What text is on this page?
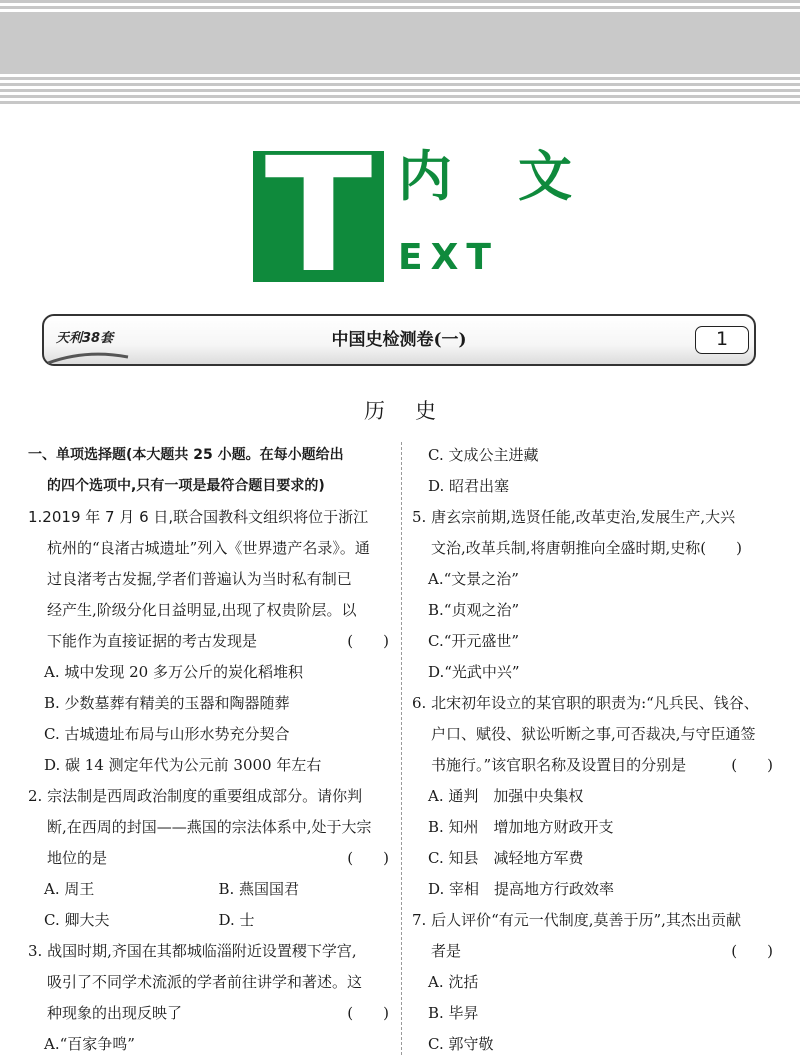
T 内文
EXT
天利38套	中国史检测卷(一)	1
历史
一、单项选择题(本大题共 25 小题。在每小题给出
的四个选项中,只有一项是最符合题目要求的)
1.2019 年 7 月 6 日,联合国教科文组织将位于浙江
杭州的“良渚古城遗址”列入《世界遗产名录》。通
过良渚考古发掘,学者们普遍认为当时私有制已
经产生,阶级分化日益明显,出现了权贵阶层。以
下能作为直接证据的考古发现是	(　　)
A. 城中发现 20 多万公斤的炭化稻堆积
B. 少数墓葬有精美的玉器和陶器随葬
C. 古城遗址布局与山形水势充分契合
D. 碳 14 测定年代为公元前 3000 年左右
2. 宗法制是西周政治制度的重要组成部分。请你判
断,在西周的封国——燕国的宗法体系中,处于大宗
地位的是	(　　)
A. 周王	B. 燕国国君
C. 卿大夫	D. 士
3. 战国时期,齐国在其都城临淄附近设置稷下学宫,
吸引了不同学术流派的学者前往讲学和著述。这
种现象的出现反映了	(　　)
A.“百家争鸣”
C. 文成公主进藏
D. 昭君出塞
5. 唐玄宗前期,选贤任能,改革吏治,发展生产,大兴
文治,改革兵制,将唐朝推向全盛时期,史称(　　)
A.“文景之治”
B.“贞观之治”
C.“开元盛世”
D.“光武中兴”
6. 北宋初年设立的某官职的职责为:“凡兵民、钱谷、
户口、赋役、狱讼听断之事,可否裁决,与守臣通签
书施行。”该官职名称及设置目的分别是	(　　)
A. 通判　加强中央集权
B. 知州　增加地方财政开支
C. 知县　减轻地方军费
D. 宰相　提高地方行政效率
7. 后人评价“有元一代制度,莫善于历”,其杰出贡献
者是	(　　)
A. 沈括
B. 毕昇
C. 郭守敬
